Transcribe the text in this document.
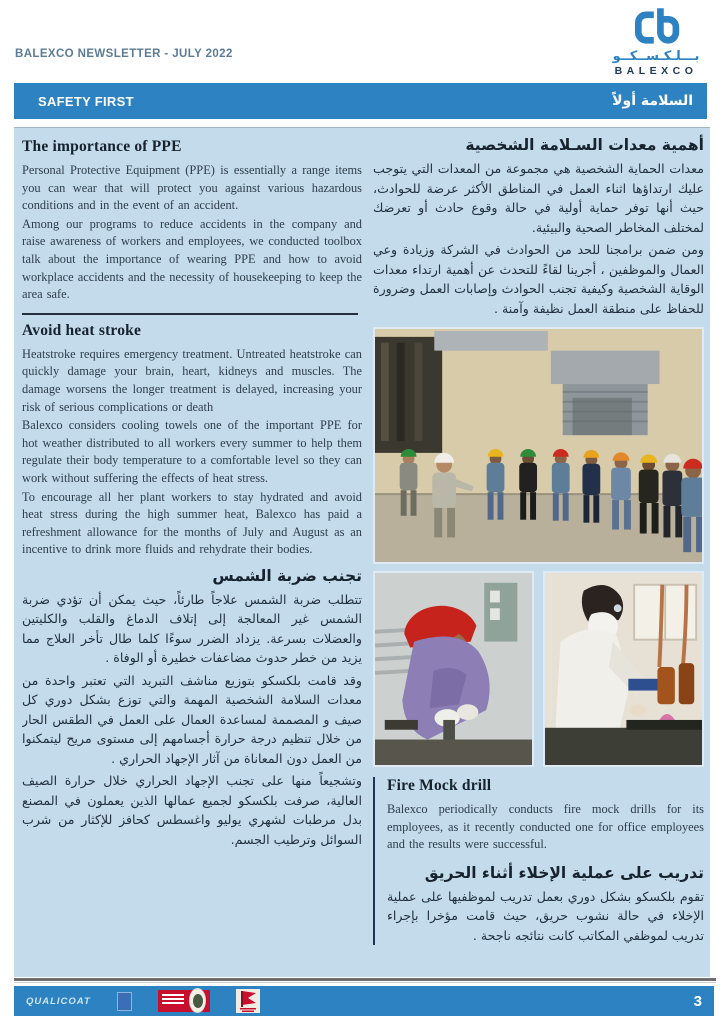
BALEXCO NEWSLETTER - JULY 2022	بـــلـكـســكــو
BALEXCO
SAFETY FIRST	السلامة أولاً
The importance of PPE

Personal Protective Equipment (PPE) is essentially a range items you can wear that will protect you against various hazardous conditions and in the event of an accident.

Among our programs to reduce accidents in the company and raise awareness of workers and employees, we conducted toolbox talk about the importance of wearing PPE and how to avoid workplace accidents and the necessity of housekeeping to keep the area safe.

Avoid heat stroke

Heatstroke requires emergency treatment. Untreated heatstroke can quickly damage your brain, heart, kidneys and muscles. The damage worsens the longer treatment is delayed, increasing your risk of serious complications or death

Balexco considers cooling towels one of the important PPE for hot weather distributed to all workers every summer to help them regulate their body temperature to a comfortable level so they can work without suffering the effects of heat stress.

To encourage all her plant workers to stay hydrated and avoid heat stress during the high summer heat, Balexco has paid a refreshment allowance for the months of July and August as an incentive to drink more fluids and rehydrate their bodies.

تجنب ضربة الشمس

تتطلب ضربة الشمس علاجاً طارئاً، حيث يمكن أن تؤدي ضربة الشمس غير المعالجة إلى إتلاف الدماغ والقلب والكليتين والعضلات بسرعة. يزداد الضرر سوءًا كلما طال تأخر العلاج مما يزيد من خطر حدوث مضاعفات خطيرة أو الوفاة .

وقد قامت بلكسكو بتوزيع مناشف التبريد التي تعتبر واحدة من معدات السلامة الشخصية المهمة والتي توزع بشكل دوري كل صيف و المصممة لمساعدة العمال على العمل في الطقس الحار من خلال تنظيم درجة حرارة أجسامهم إلى مستوى مريح ليتمكنوا من العمل دون المعاناة من آثار الإجهاد الحراري .

وتشجيعاً منها على تجنب الإجهاد الحراري خلال حرارة الصيف العالية، صرفت بلكسكو لجميع عمالها الذين يعملون في المصنع بدل مرطبات لشهري يوليو واغسطس كحافز للإكثار من شرب السوائل وترطيب الجسم.

أهمية معدات السـلامة الشخصية

معدات الحماية الشخصية هي مجموعة من المعدات التي يتوجب عليك ارتداؤها اثناء العمل في المناطق الأكثر عرضة للحوادث، حيث أنها توفر حماية أولية في حالة وقوع حادث أو تعرضك لمختلف المخاطر الصحية والبيئية.

ومن ضمن برامجنا للحد من الحوادث في الشركة وزيادة وعي العمال والموظفين ، أجرينا لقاءً للتحدث عن أهمية ارتداء معدات الوقاية الشخصية وكيفية تجنب الحوادث وإصابات العمل وضرورة للحفاظ على منطقة العمل نظيفة وآمنة .

Fire Mock drill

Balexco periodically conducts fire mock drills for its employees, as it recently conducted one for office employees and the results were successful.

تدريب على عملية الإخلاء أثناء الحريق

تقوم بلكسكو بشكل دوري بعمل تدريب لموظفيها على عملية الإخلاء في حالة نشوب حريق، حيث قامت مؤخرا بإجراء تدريب لموظفي المكاتب كانت نتائجه ناجحة .

QUALICOAT	3
